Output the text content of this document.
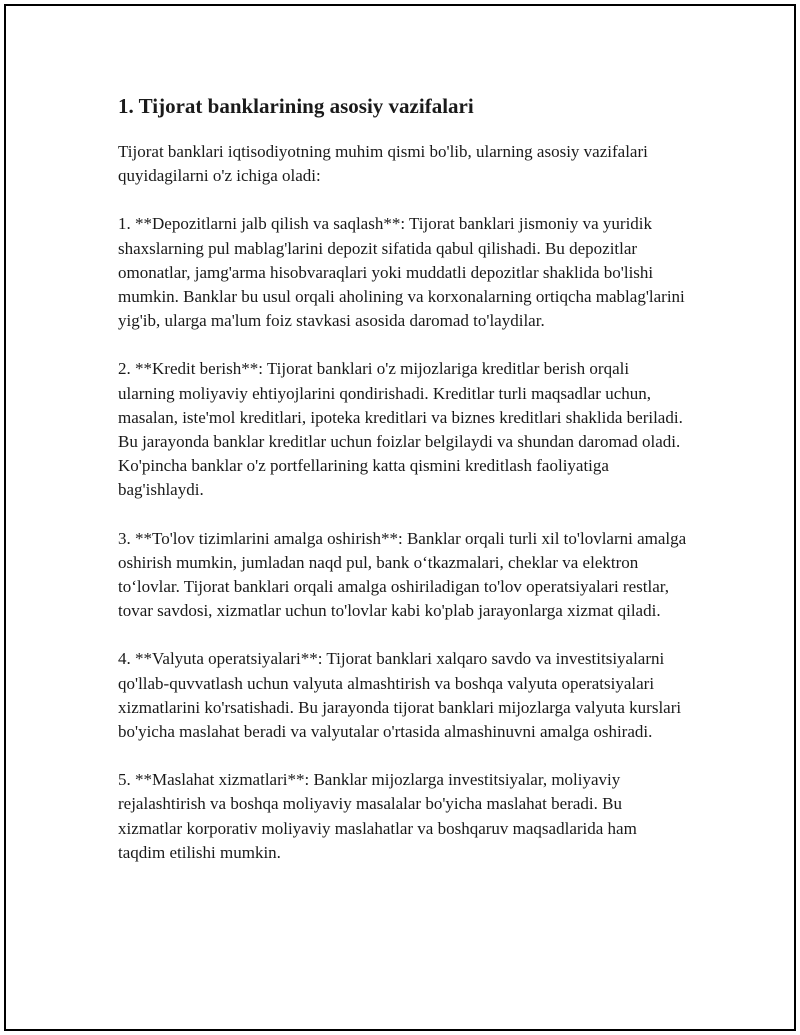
1. Tijorat banklarining asosiy vazifalari

Tijorat banklari iqtisodiyotning muhim qismi bo'lib, ularning asosiy vazifalari quyidagilarni o'z ichiga oladi:

1. **Depozitlarni jalb qilish va saqlash**: Tijorat banklari jismoniy va yuridik shaxslarning pul mablag'larini depozit sifatida qabul qilishadi. Bu depozitlar omonatlar, jamg'arma hisobvaraqlari yoki muddatli depozitlar shaklida bo'lishi mumkin. Banklar bu usul orqali aholining va korxonalarning ortiqcha mablag'larini yig'ib, ularga ma'lum foiz stavkasi asosida daromad to'laydilar.

2. **Kredit berish**: Tijorat banklari o'z mijozlariga kreditlar berish orqali ularning moliyaviy ehtiyojlarini qondirishadi. Kreditlar turli maqsadlar uchun, masalan, iste'mol kreditlari, ipoteka kreditlari va biznes kreditlari shaklida beriladi. Bu jarayonda banklar kreditlar uchun foizlar belgilaydi va shundan daromad oladi. Ko'pincha banklar o'z portfellarining katta qismini kreditlash faoliyatiga bag'ishlaydi.

3. **To'lov tizimlarini amalga oshirish**: Banklar orqali turli xil to'lovlarni amalga oshirish mumkin, jumladan naqd pul, bank o‘tkazmalari, cheklar va elektron to‘lovlar. Tijorat banklari orqali amalga oshiriladigan to'lov operatsiyalari restlar, tovar savdosi, xizmatlar uchun to'lovlar kabi ko'plab jarayonlarga xizmat qiladi.

4. **Valyuta operatsiyalari**: Tijorat banklari xalqaro savdo va investitsiyalarni qo'llab-quvvatlash uchun valyuta almashtirish va boshqa valyuta operatsiyalari xizmatlarini ko'rsatishadi. Bu jarayonda tijorat banklari mijozlarga valyuta kurslari bo'yicha maslahat beradi va valyutalar o'rtasida almashinuvni amalga oshiradi.

5. **Maslahat xizmatlari**: Banklar mijozlarga investitsiyalar, moliyaviy rejalashtirish va boshqa moliyaviy masalalar bo'yicha maslahat beradi. Bu xizmatlar korporativ moliyaviy maslahatlar va boshqaruv maqsadlarida ham taqdim etilishi mumkin.
